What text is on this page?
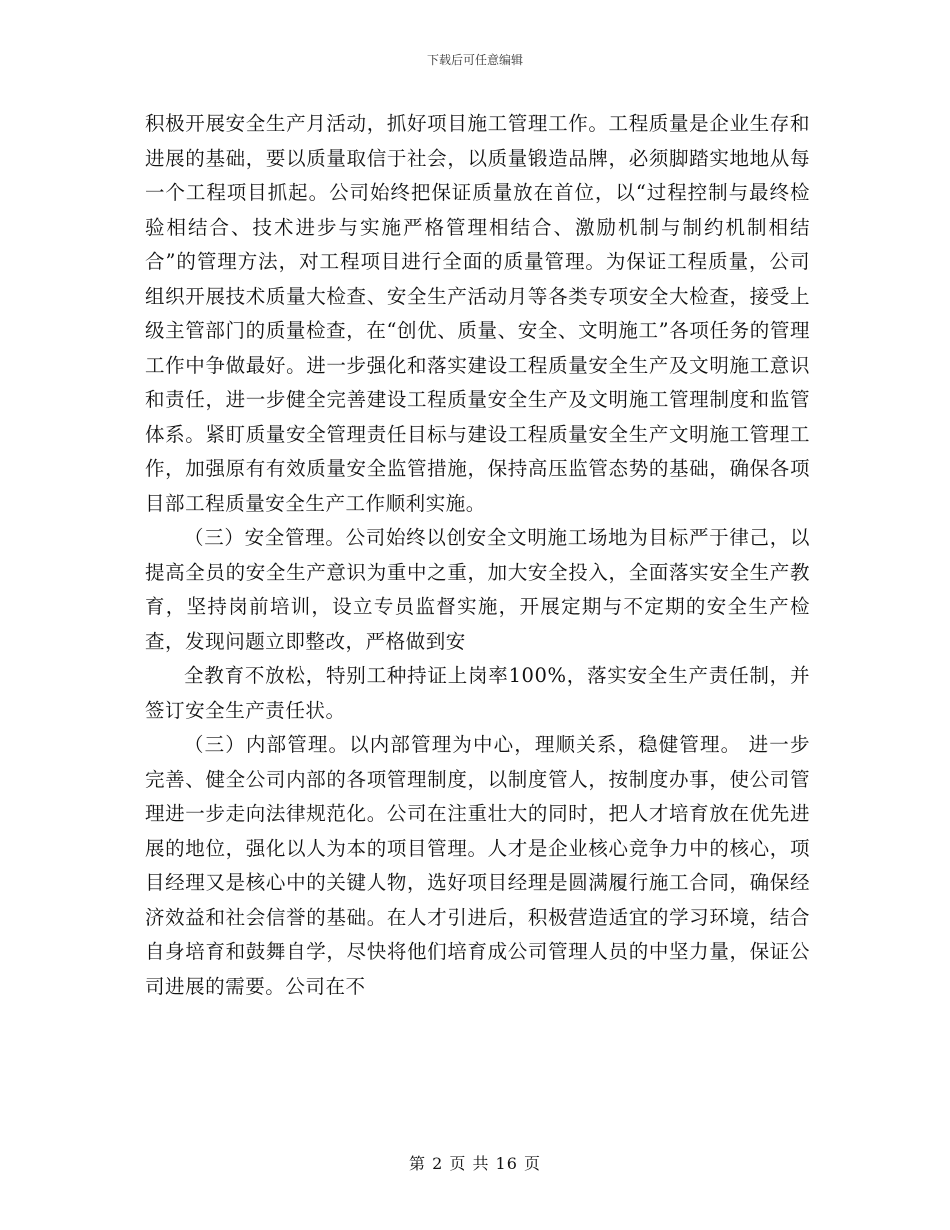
下载后可任意编辑

积极开展安全生产月活动，抓好项目施工管理工作。工程质量是企业生存和进展的基础，要以质量取信于社会，以质量锻造品牌，必须脚踏实地地从每一个工程项目抓起。公司始终把保证质量放在首位，以“过程控制与最终检验相结合、技术进步与实施严格管理相结合、激励机制与制约机制相结合”的管理方法，对工程项目进行全面的质量管理。为保证工程质量，公司组织开展技术质量大检查、安全生产活动月等各类专项安全大检查，接受上级主管部门的质量检查，在“创优、质量、安全、文明施工”各项任务的管理工作中争做最好。进一步强化和落实建设工程质量安全生产及文明施工意识和责任，进一步健全完善建设工程质量安全生产及文明施工管理制度和监管体系。紧盯质量安全管理责任目标与建设工程质量安全生产文明施工管理工作，加强原有有效质量安全监管措施，保持高压监管态势的基础，确保各项目部工程质量安全生产工作顺利实施。

（三）安全管理。公司始终以创安全文明施工场地为目标严于律己，以提高全员的安全生产意识为重中之重，加大安全投入，全面落实安全生产教育，坚持岗前培训，设立专员监督实施，开展定期与不定期的安全生产检查，发现问题立即整改，严格做到安

全教育不放松，特别工种持证上岗率100%，落实安全生产责任制，并签订安全生产责任状。

（三）内部管理。以内部管理为中心，理顺关系，稳健管理。 进一步完善、健全公司内部的各项管理制度，以制度管人，按制度办事，使公司管理进一步走向法律规范化。公司在注重壮大的同时，把人才培育放在优先进展的地位，强化以人为本的项目管理。人才是企业核心竞争力中的核心，项目经理又是核心中的关键人物，选好项目经理是圆满履行施工合同，确保经济效益和社会信誉的基础。在人才引进后，积极营造适宜的学习环境，结合自身培育和鼓舞自学，尽快将他们培育成公司管理人员的中坚力量，保证公司进展的需要。公司在不

第 2 页 共 16 页
